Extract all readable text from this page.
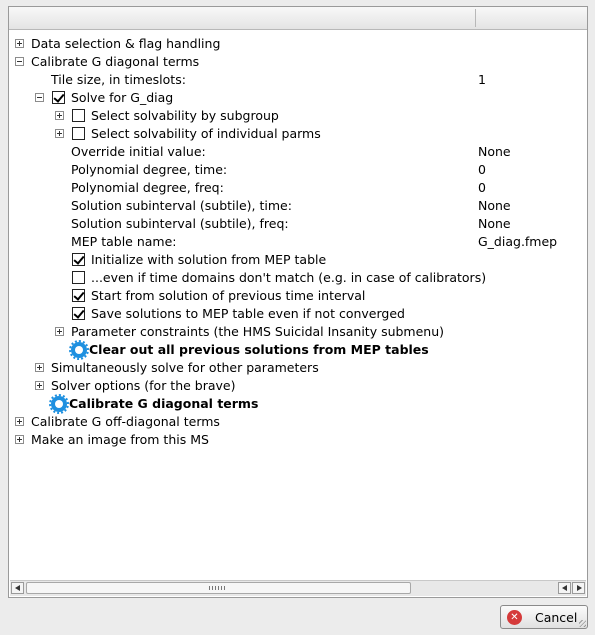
Data selection & flag handling
Calibrate G diagonal terms
Tile size, in timeslots:	1
Solve for G_diag
Select solvability by subgroup
Select solvability of individual parms
Override initial value:	None
Polynomial degree, time:	0
Polynomial degree, freq:	0
Solution subinterval (subtile), time:	None
Solution subinterval (subtile), freq:	None
MEP table name:	G_diag.fmep
Initialize with solution from MEP table
...even if time domains don't match (e.g. in case of calibrators)
Start from solution of previous time interval
Save solutions to MEP table even if not converged
Parameter constraints (the HMS Suicidal Insanity submenu)
Clear out all previous solutions from MEP tables
Simultaneously solve for other parameters
Solver options (for the brave)
Calibrate G diagonal terms
Calibrate G off-diagonal terms
Make an image from this MS
✕ Cancel
